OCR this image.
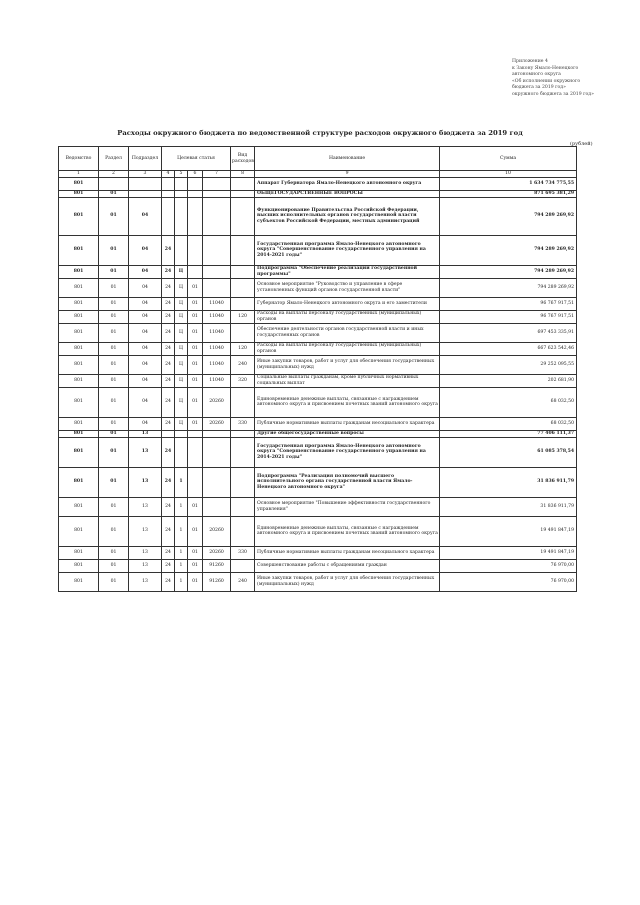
Приложение 4
к Закону Ямало-Ненецкого
автономного округа
«Об исполнении окружного
бюджета за 2019 год»
окружного бюджета за 2019 год»
Расходы окружного бюджета по ведомственной структуре расходов окружного бюджета за 2019 год
(рублей)
Ведомство	Раздел	Подраздел	Целевая статья				Вид расходов	Наименование	Сумма
1	2	3	4	5	6	7	8	9	10
801								Аппарат Губернатора Ямало-Ненецкого автономного округа	1 634 734 775,55
801	01							ОБЩЕГОСУДАРСТВЕННЫЕ ВОПРОСЫ	871 695 381,29
801	01	04						Функционирование Правительства Российской Федерации, высших исполнительных органов государственной власти субъектов Российской Федерации, местных администраций	794 289 269,92
801	01	04	24					Государственная программа Ямало-Ненецкого автономного округа "Совершенствование государственного управления на 2014-2021 годы"	794 289 269,92
801	01	04	24	Ц				Подпрограмма "Обеспечение реализации государственной программы"	794 289 269,92
801	01	04	24	Ц	01			Основное мероприятие "Руководство и управление в сфере установленных функций органов государственной власти"	794 289 269,92
801	01	04	24	Ц	01	11040		Губернатор Ямало-Ненецкого автономного округа и его заместители	96 767 917,51
801	01	04	24	Ц	01	11040	120	Расходы на выплаты персоналу государственных (муниципальных) органов	96 767 917,51
801	01	04	24	Ц	01	11040		Обеспечение деятельности органов государственной власти и иных государственных органов	697 453 335,91
801	01	04	24	Ц	01	11040	120	Расходы на выплаты персоналу государственных (муниципальных) органов	667 623 542,46
801	01	04	24	Ц	01	11040	240	Иные закупки товаров, работ и услуг для обеспечения государственных (муниципальных) нужд	29 252 095,55
801	01	04	24	Ц	01	11040	320	Социальные выплаты гражданам, кроме публичных нормативных социальных выплат	202 681,90
801	01	04	24	Ц	01	20260		Единовременные денежные выплаты, связанные с награждением автономного округа и присвоением почетных званий автономного округа	68 032,50
801	01	04	24	Ц	01	20260	330	Публичные нормативные выплаты гражданам несоциального характера	68 032,50
801	01	13						Другие общегосударственные вопросы	77 406 111,37
801	01	13	24					Государственная программа Ямало-Ненецкого автономного округа "Совершенствование государственного управления на 2014-2021 годы"	61 085 378,54
801	01	13	24	1				Подпрограмма "Реализация полномочий высшего исполнительного органа государственной власти Ямало-Ненецкого автономного округа"	31 836 911,79
801	01	13	24	1	01			Основное мероприятие "Повышение эффективности государственного управления"	31 836 911,79
801	01	13	24	1	01	20260		Единовременные денежные выплаты, связанные с награждением автономного округа и присвоением почетных званий автономного округа	19 491 847,19
801	01	13	24	1	01	20260	330	Публичные нормативные выплаты гражданам несоциального характера	19 491 847,19
801	01	13	24	1	01	91260		Совершенствование работы с обращениями граждан	76 970,00
801	01	13	24	1	01	91260	240	Иные закупки товаров, работ и услуг для обеспечения государственных (муниципальных) нужд	76 970,00
